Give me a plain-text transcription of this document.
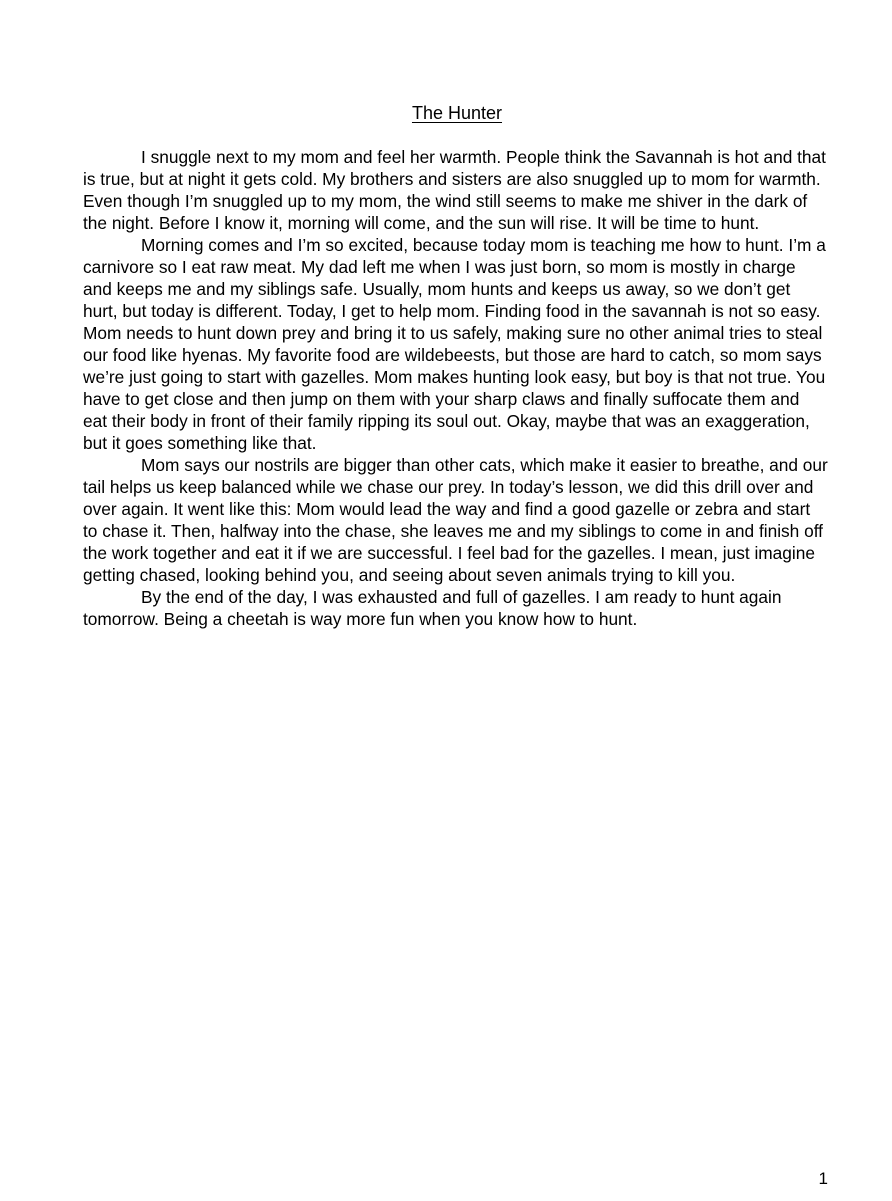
The Hunter

I snuggle next to my mom and feel her warmth. People think the Savannah is hot and that is true, but at night it gets cold. My brothers and sisters are also snuggled up to mom for warmth. Even though I’m snuggled up to my mom, the wind still seems to make me shiver in the dark of the night. Before I know it, morning will come, and the sun will rise. It will be time to hunt.

Morning comes and I’m so excited, because today mom is teaching me how to hunt. I’m a carnivore so I eat raw meat. My dad left me when I was just born, so mom is mostly in charge and keeps me and my siblings safe. Usually, mom hunts and keeps us away, so we don’t get hurt, but today is different. Today, I get to help mom. Finding food in the savannah is not so easy. Mom needs to hunt down prey and bring it to us safely, making sure no other animal tries to steal our food like hyenas. My favorite food are wildebeests, but those are hard to catch, so mom says we’re just going to start with gazelles. Mom makes hunting look easy, but boy is that not true. You have to get close and then jump on them with your sharp claws and finally suffocate them and eat their body in front of their family ripping its soul out. Okay, maybe that was an exaggeration, but it goes something like that.

Mom says our nostrils are bigger than other cats, which make it easier to breathe, and our tail helps us keep balanced while we chase our prey. In today’s lesson, we did this drill over and over again. It went like this: Mom would lead the way and find a good gazelle or zebra and start to chase it. Then, halfway into the chase, she leaves me and my siblings to come in and finish off the work together and eat it if we are successful. I feel bad for the gazelles. I mean, just imagine getting chased, looking behind you, and seeing about seven animals trying to kill you.

By the end of the day, I was exhausted and full of gazelles. I am ready to hunt again tomorrow. Being a cheetah is way more fun when you know how to hunt.

1
